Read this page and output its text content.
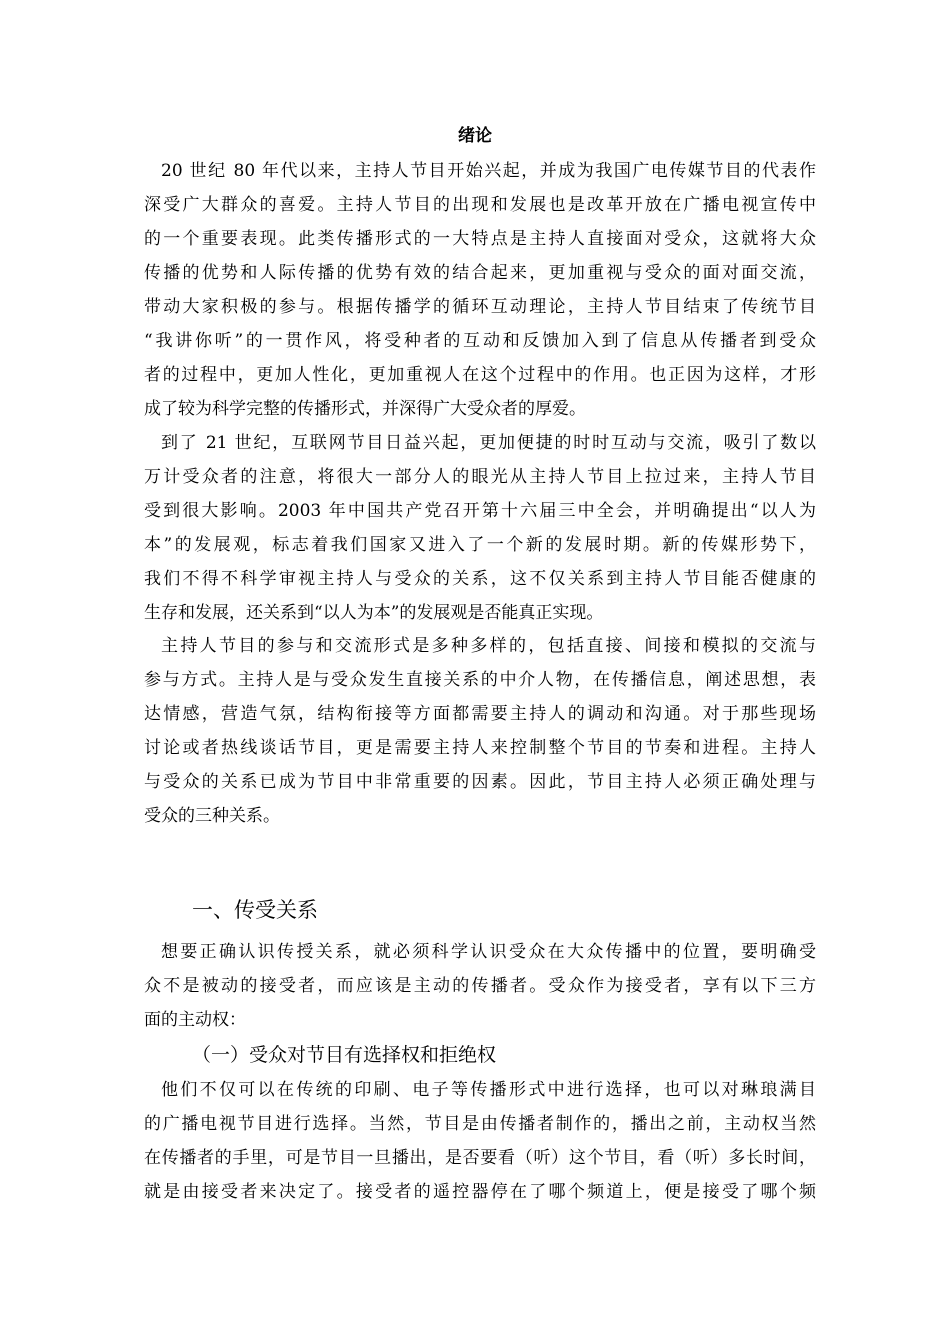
绪论
20 世纪 80 年代以来，主持人节目开始兴起，并成为我国广电传媒节目的代表作
深受广大群众的喜爱。主持人节目的出现和发展也是改革开放在广播电视宣传中
的一个重要表现。此类传播形式的一大特点是主持人直接面对受众，这就将大众
传播的优势和人际传播的优势有效的结合起来，更加重视与受众的面对面交流，
带动大家积极的参与。根据传播学的循环互动理论，主持人节目结束了传统节目
“我讲你听”的一贯作风，将受种者的互动和反馈加入到了信息从传播者到受众
者的过程中，更加人性化，更加重视人在这个过程中的作用。也正因为这样，才形
成了较为科学完整的传播形式，并深得广大受众者的厚爱。
到了 21 世纪，互联网节目日益兴起，更加便捷的时时互动与交流，吸引了数以
万计受众者的注意，将很大一部分人的眼光从主持人节目上拉过来，主持人节目
受到很大影响。2003 年中国共产党召开第十六届三中全会，并明确提出“以人为
本”的发展观，标志着我们国家又进入了一个新的发展时期。新的传媒形势下，
我们不得不科学审视主持人与受众的关系，这不仅关系到主持人节目能否健康的
生存和发展，还关系到“以人为本”的发展观是否能真正实现。
主持人节目的参与和交流形式是多种多样的，包括直接、间接和模拟的交流与
参与方式。主持人是与受众发生直接关系的中介人物，在传播信息，阐述思想，表
达情感，营造气氛，结构衔接等方面都需要主持人的调动和沟通。对于那些现场
讨论或者热线谈话节目，更是需要主持人来控制整个节目的节奏和进程。主持人
与受众的关系已成为节目中非常重要的因素。因此，节目主持人必须正确处理与
受众的三种关系。
一、传受关系
想要正确认识传授关系，就必须科学认识受众在大众传播中的位置，要明确受
众不是被动的接受者，而应该是主动的传播者。受众作为接受者，享有以下三方
面的主动权：
（一）受众对节目有选择权和拒绝权
他们不仅可以在传统的印刷、电子等传播形式中进行选择，也可以对琳琅满目
的广播电视节目进行选择。当然，节目是由传播者制作的，播出之前，主动权当然
在传播者的手里，可是节目一旦播出，是否要看（听）这个节目，看（听）多长时间，
就是由接受者来决定了。接受者的遥控器停在了哪个频道上，便是接受了哪个频
